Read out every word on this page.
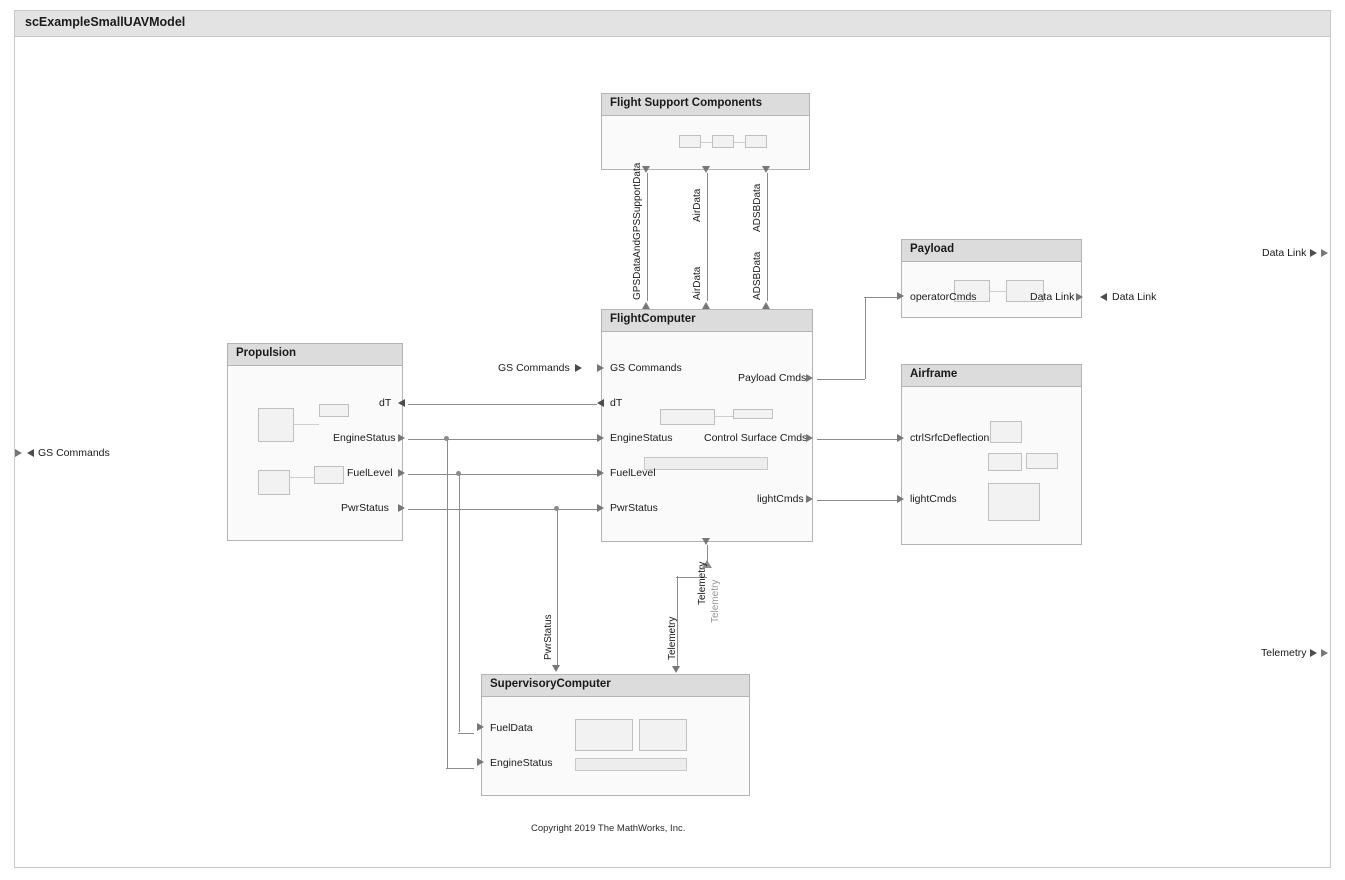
scExampleSmallUAVModel
GS Commands
Data Link
Telemetry
Flight Support Components
GPSDataAndGPSSupportData	AirData	ADSBData
AirData	ADSBData
FlightComputer
GS Commands
dT
EngineStatus
FuelLevel
PwrStatus
Payload Cmds
Control Surface Cmds
lightCmds
GS Commands
Propulsion
dT
EngineStatus
FuelLevel
PwrStatus
PwrStatus	Telemetry
Telemetry Telemetry
Payload
operatorCmds	Data Link	Data Link
Airframe
ctrlSrfcDeflection
lightCmds
SupervisoryComputer
FuelData
EngineStatus
Copyright 2019 The MathWorks, Inc.
